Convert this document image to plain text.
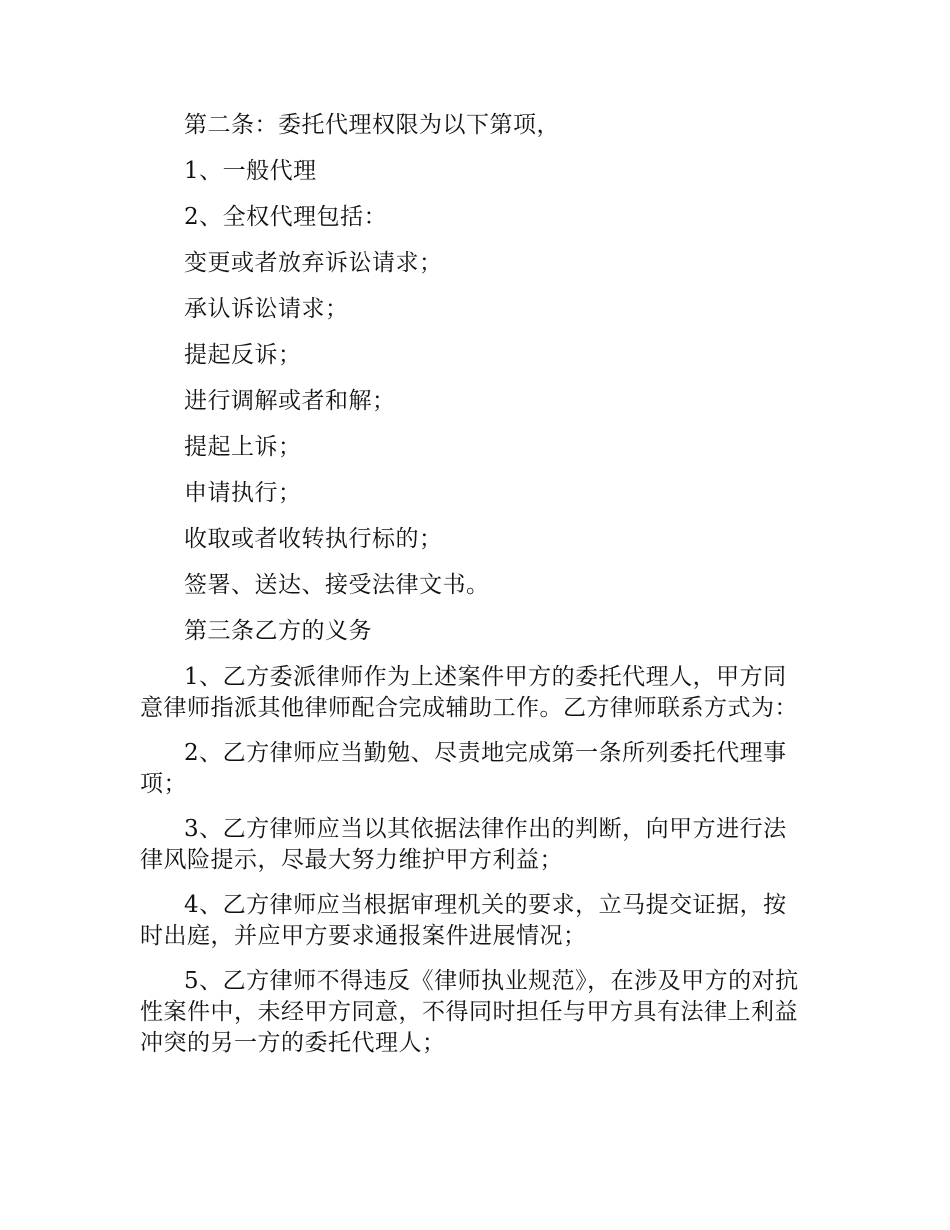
第二条：委托代理权限为以下第项，

1、一般代理

2、全权代理包括：

变更或者放弃诉讼请求；

承认诉讼请求；

提起反诉；

进行调解或者和解；

提起上诉；

申请执行；

收取或者收转执行标的；

签署、送达、接受法律文书。

第三条乙方的义务

1、乙方委派律师作为上述案件甲方的委托代理人，甲方同意律师指派其他律师配合完成辅助工作。乙方律师联系方式为：

2、乙方律师应当勤勉、尽责地完成第一条所列委托代理事项；

3、乙方律师应当以其依据法律作出的判断，向甲方进行法律风险提示，尽最大努力维护甲方利益；

4、乙方律师应当根据审理机关的要求，立马提交证据，按时出庭，并应甲方要求通报案件进展情况；

5、乙方律师不得违反《律师执业规范》，在涉及甲方的对抗性案件中，未经甲方同意，不得同时担任与甲方具有法律上利益冲突的另一方的委托代理人；
